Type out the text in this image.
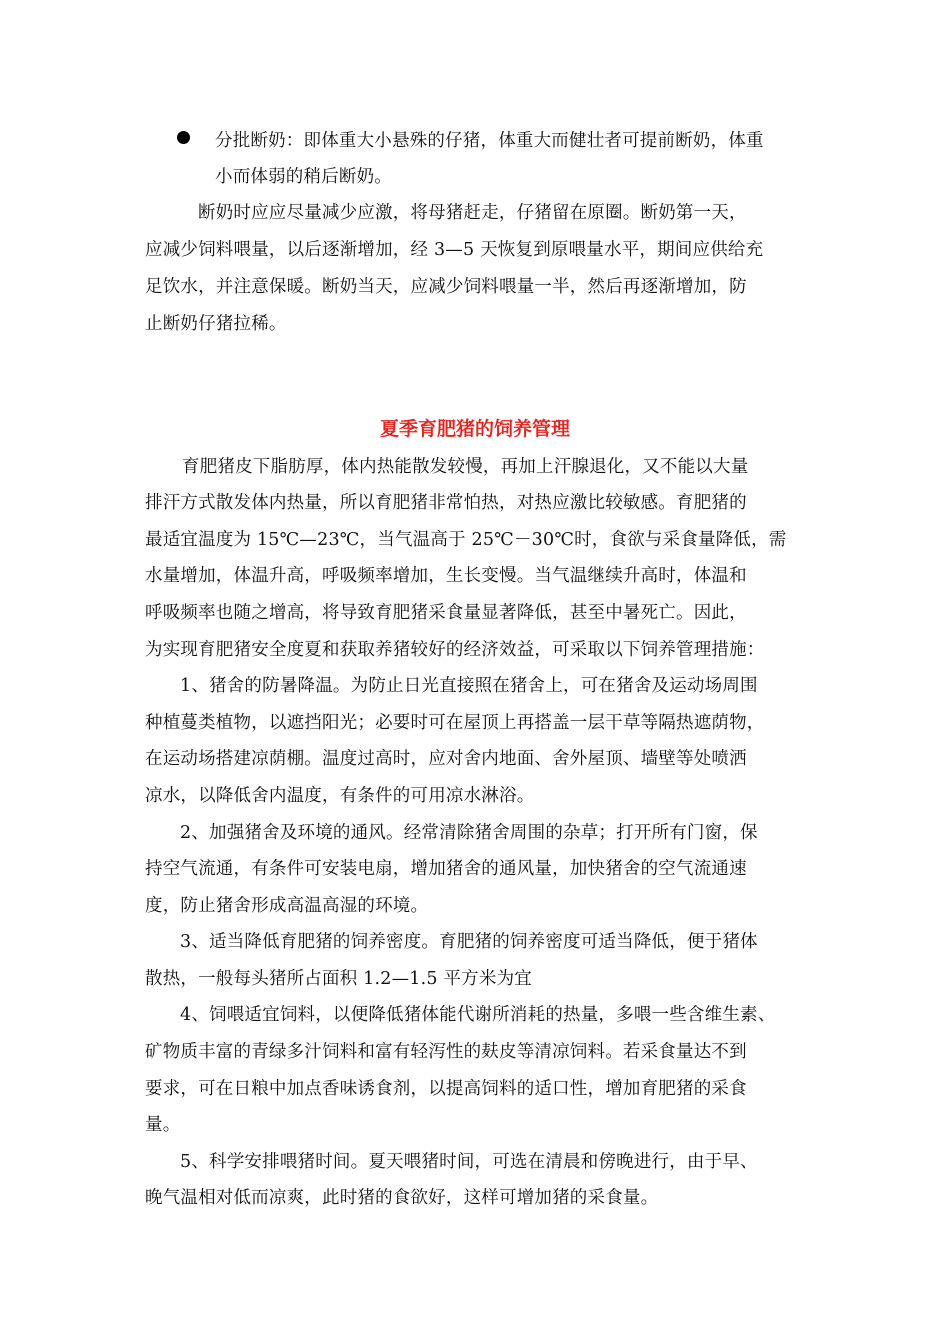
分批断奶：即体重大小悬殊的仔猪，体重大而健壮者可提前断奶，体重
小而体弱的稍后断奶。
断奶时应应尽量减少应激，将母猪赶走，仔猪留在原圈。断奶第一天，
应减少饲料喂量，以后逐渐增加，经 3—5 天恢复到原喂量水平，期间应供给充
足饮水，并注意保暖。断奶当天，应减少饲料喂量一半，然后再逐渐增加，防
止断奶仔猪拉稀。
夏季育肥猪的饲养管理
育肥猪皮下脂肪厚，体内热能散发较慢，再加上汗腺退化，又不能以大量
排汗方式散发体内热量，所以育肥猪非常怕热，对热应激比较敏感。育肥猪的
最适宜温度为 15℃—23℃，当气温高于 25℃－30℃时，食欲与采食量降低，需
水量增加，体温升高，呼吸频率增加，生长变慢。当气温继续升高时，体温和
呼吸频率也随之增高，将导致育肥猪采食量显著降低，甚至中暑死亡。因此，
为实现育肥猪安全度夏和获取养猪较好的经济效益，可采取以下饲养管理措施：
1、猪舍的防暑降温。为防止日光直接照在猪舍上，可在猪舍及运动场周围
种植蔓类植物，以遮挡阳光；必要时可在屋顶上再搭盖一层干草等隔热遮荫物，
在运动场搭建凉荫棚。温度过高时，应对舍内地面、舍外屋顶、墙壁等处喷洒
凉水，以降低舍内温度，有条件的可用凉水淋浴。
2、加强猪舍及环境的通风。经常清除猪舍周围的杂草；打开所有门窗，保
持空气流通，有条件可安装电扇，增加猪舍的通风量，加快猪舍的空气流通速
度，防止猪舍形成高温高湿的环境。
3、适当降低育肥猪的饲养密度。育肥猪的饲养密度可适当降低，便于猪体
散热，一般每头猪所占面积 1.2—1.5 平方米为宜
4、饲喂适宜饲料，以便降低猪体能代谢所消耗的热量，多喂一些含维生素、
矿物质丰富的青绿多汁饲料和富有轻泻性的麸皮等清凉饲料。若采食量达不到
要求，可在日粮中加点香味诱食剂，以提高饲料的适口性，增加育肥猪的采食
量。
5、科学安排喂猪时间。夏天喂猪时间，可选在清晨和傍晚进行，由于早、
晚气温相对低而凉爽，此时猪的食欲好，这样可增加猪的采食量。
